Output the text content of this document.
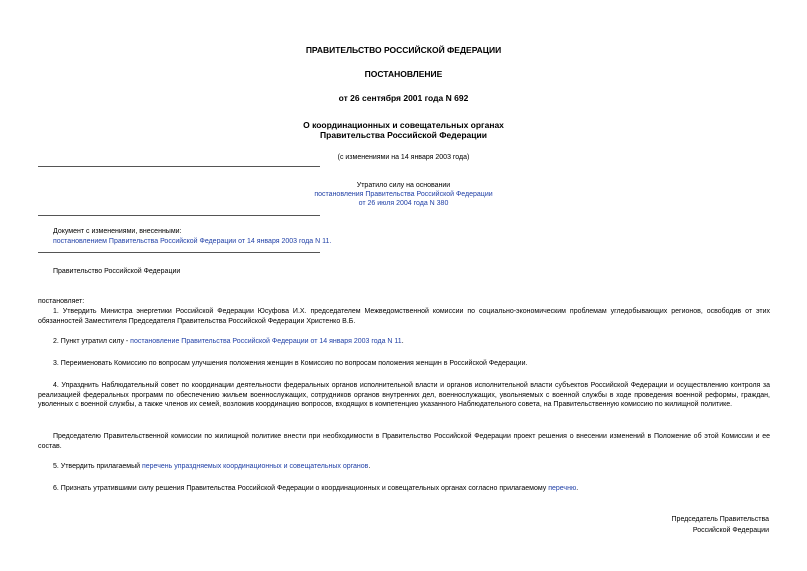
ПРАВИТЕЛЬСТВО РОССИЙСКОЙ ФЕДЕРАЦИИ
ПОСТАНОВЛЕНИЕ
от 26 сентября 2001 года N 692
О координационных и совещательных органах
Правительства Российской Федерации
(с изменениями на 14 января 2003 года)
Утратило силу на основании
постановления Правительства Российской Федерации
от 26 июля 2004 года N 380
Документ с изменениями, внесенными:
постановлением Правительства Российской Федерации от 14 января 2003 года N 11.
Правительство Российской Федерации
постановляет:
1. Утвердить Министра энергетики Российской Федерации Юсуфова И.Х. председателем Межведомственной комиссии по социально-экономическим проблемам угледобывающих регионов, освободив от этих обязанностей Заместителя Председателя Правительства Российской Федерации Христенко В.Б.
2. Пункт утратил силу - постановление Правительства Российской Федерации от 14 января 2003 года N 11.
3. Переименовать Комиссию по вопросам улучшения положения женщин в Комиссию по вопросам положения женщин в Российской Федерации.
4. Упразднить Наблюдательный совет по координации деятельности федеральных органов исполнительной власти и органов исполнительной власти субъектов Российской Федерации и осуществлению контроля за реализацией федеральных программ по обеспечению жильем военнослужащих, сотрудников органов внутренних дел, военнослужащих, увольняемых с военной службы в ходе проведения военной реформы, граждан, уволенных с военной службы, а также членов их семей, возложив координацию вопросов, входящих в компетенцию указанного Наблюдательного совета, на Правительственную комиссию по жилищной политике.
Председателю Правительственной комиссии по жилищной политике внести при необходимости в Правительство Российской Федерации проект решения о внесении изменений в Положение об этой Комиссии и ее состав.
5. Утвердить прилагаемый перечень упраздняемых координационных и совещательных органов.
6. Признать утратившими силу решения Правительства Российской Федерации о координационных и совещательных органах согласно прилагаемому перечню.
Председатель Правительства
Российской Федерации
